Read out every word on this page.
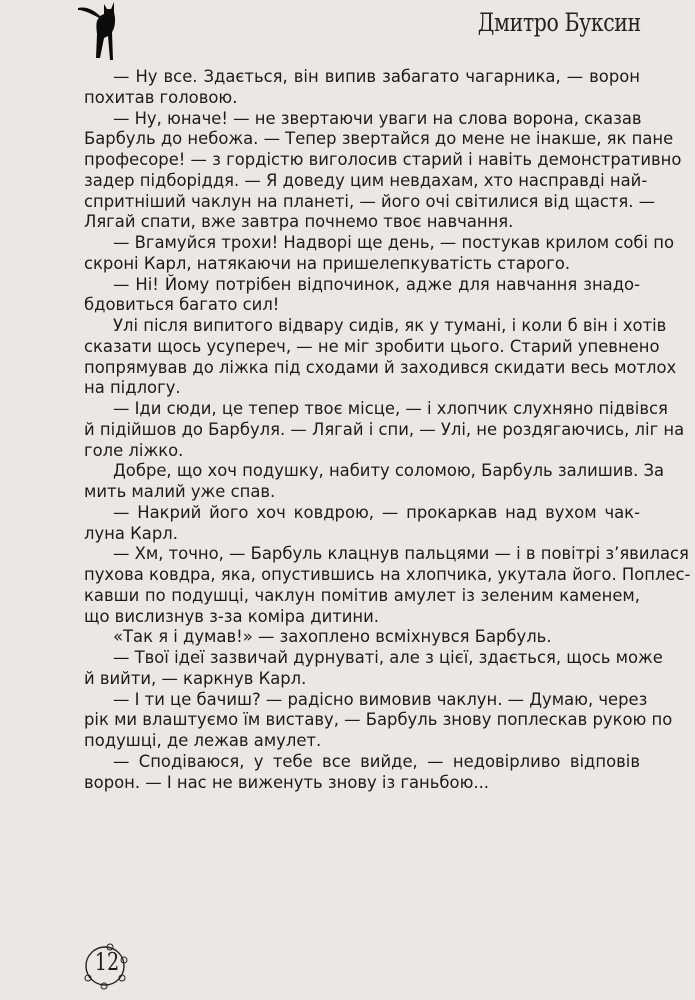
Дмитро Буксин
— Ну все. Здається, він випив забагато чагарника, — ворон
похитав головою.
— Ну, юначе! — не звертаючи уваги на слова ворона, сказав
Барбуль до небожа. — Тепер звертайся до мене не інакше, як пане
професоре! — з гордістю виголосив старий і навіть демонстративно
задер підборіддя. — Я доведу цим невдахам, хто насправді най-
спритніший чаклун на планеті, — його очі світилися від щастя. —
Лягай спати, вже завтра почнемо твоє навчання.
— Вгамуйся трохи! Надворі ще день, — постукав крилом собі по
скроні Карл, натякаючи на пришелепкуватість старого.
— Ні! Йому потрібен відпочинок, адже для навчання знадо-
бдовиться багато сил!
Улі після випитого відвару сидів, як у тумані, і коли б він і хотів
сказати щось усупереч, — не міг зробити цього. Старий упевнено
попрямував до ліжка під сходами й заходився скидати весь мотлох
на підлогу.
— Іди сюди, це тепер твоє місце, — і хлопчик слухняно підвівся
й підійшов до Барбуля. — Лягай і спи, — Улі, не роздягаючись, ліг на
голе ліжко.
Добре, що хоч подушку, набиту соломою, Барбуль залишив. За
мить малий уже спав.
— Накрий його хоч ковдрою, — прокаркав над вухом чак-
луна Карл.
— Хм, точно, — Барбуль клацнув пальцями — і в повітрі з’явилася
пухова ковдра, яка, опустившись на хлопчика, укутала його. Поплес-
кавши по подушці, чаклун помітив амулет із зеленим каменем,
що вислизнув з-за коміра дитини.
«Так я і думав!» — захоплено всміхнувся Барбуль.
— Твої ідеї зазвичай дурнуваті, але з цієї, здається, щось може
й вийти, — каркнув Карл.
— І ти це бачиш? — радісно вимовив чаклун. — Думаю, через
рік ми влаштуємо їм виставу, — Барбуль знову поплескав рукою по
подушці, де лежав амулет.
— Сподіваюся, у тебе все вийде, — недовірливо відповів
ворон. — І нас не виженуть знову із ганьбою...
12
